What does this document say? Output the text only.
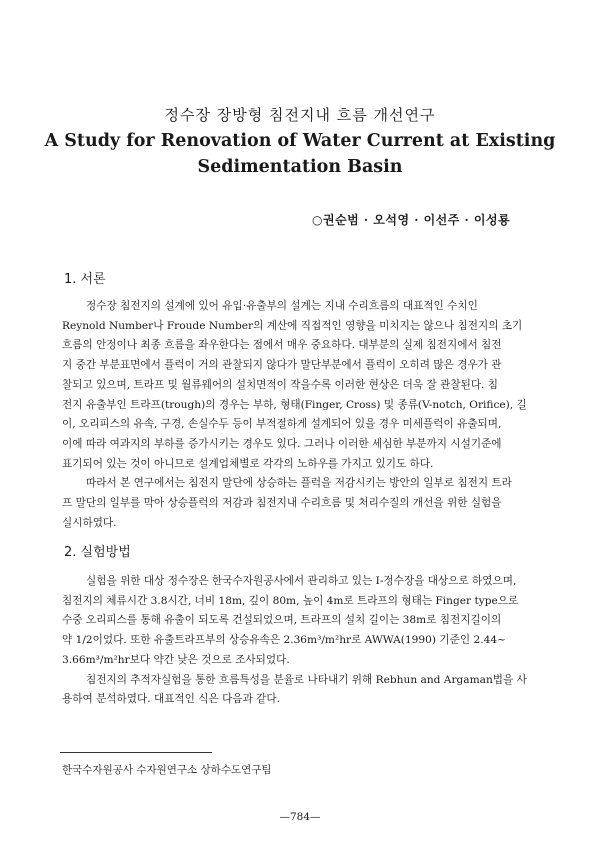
정수장 장방형 침전지내 흐름 개선연구
A Study for Renovation of Water Current at Existing
Sedimentation Basin
○권순범 · 오석영 · 이선주 · 이성룡
1. 서론
정수장 침전지의 설계에 있어 유입·유출부의 설계는 지내 수리흐름의 대표적인 수치인
Reynold Number나 Froude Number의 계산에 직접적인 영향을 미치지는 않으나 침전지의 초기
흐름의 안정이나 최종 흐름을 좌우한다는 점에서 매우 중요하다. 대부분의 실제 침전지에서 침전
지 중간 부분표면에서 플럭이 거의 관찰되지 않다가 말단부분에서 플럭이 오히려 많은 경우가 관
찰되고 있으며, 트라프 및 월류웨어의 설치면적이 작을수록 이러한 현상은 더욱 잘 관찰된다. 침
전지 유출부인 트라프(trough)의 경우는 부하, 형태(Finger, Cross) 및 종류(V-notch, Orifice), 길
이, 오리피스의 유속, 구경, 손실수두 등이 부적절하게 설계되어 있을 경우 미세플럭이 유출되며,
이에 따라 여과지의 부하를 증가시키는 경우도 있다. 그러나 이러한 세심한 부분까지 시설기준에
표기되어 있는 것이 아니므로 설계업체별로 각각의 노하우를 가지고 있기도 하다.
따라서 본 연구에서는 침전지 말단에 상승하는 플럭을 저감시키는 방안의 일부로 침전지 트라
프 말단의 일부를 막아 상승플럭의 저감과 침전지내 수리흐름 및 처리수질의 개선을 위한 실험을
실시하였다.
2. 실험방법
실험을 위한 대상 정수장은 한국수자원공사에서 관리하고 있는 I-정수장을 대상으로 하였으며,
침전지의 체류시간 3.8시간, 너비 18m, 깊이 80m, 높이 4m로 트라프의 형태는 Finger type으로
수중 오리피스를 통해 유출이 되도록 건설되었으며, 트라프의 설치 길이는 38m로 침전지길이의
약 1/2이었다. 또한 유출트라프부의 상승유속은 2.36m³/m²hr로 AWWA(1990) 기준인 2.44~
3.66m³/m²hr보다 약간 낮은 것으로 조사되었다.
침전지의 추적자실험을 통한 흐름특성을 분율로 나타내기 위해 Rebhun and Argaman법을 사
용하여 분석하였다. 대표적인 식은 다음과 같다.
한국수자원공사 수자원연구소 상하수도연구팀
—784—
